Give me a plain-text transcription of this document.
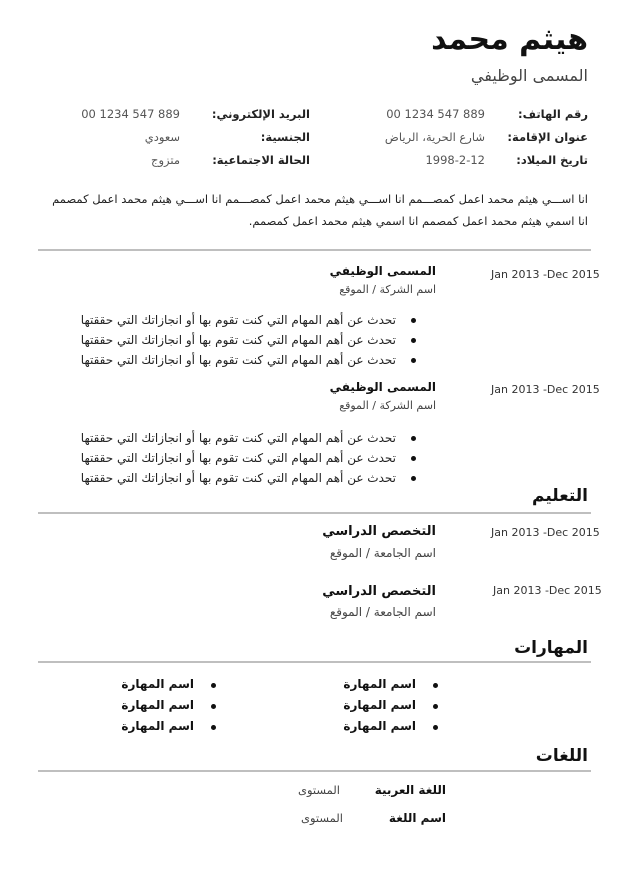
هيثم محمد
المسمى الوظيفي
رقم الهاتف:
00 1234 547 889
البريد الإلكتروني:
00 1234 547 889
عنوان الإقامة:
شارع الحرية، الرياض
الجنسية:
سعودي
تاريخ الميلاد:
1998-2-12
الحالة الاجتماعية:
متزوج
انا اســـي هيثم محمد اعمل كمصـــمم انا اســـي هيثم محمد اعمل كمصـــمم انا اســـي هيثم محمد اعمل كمصمم انا اسمي هيثم محمد اعمل كمصمم انا اسمي هيثم محمد اعمل كمصمم.
Jan 2013 -Dec 2015
المسمى الوظيفي
اسم الشركة / الموقع
تحدث عن أهم المهام التي كنت تقوم بها أو انجازاتك التي حققتها
تحدث عن أهم المهام التي كنت تقوم بها أو انجازاتك التي حققتها
تحدث عن أهم المهام التي كنت تقوم بها أو انجازاتك التي حققتها
Jan 2013 -Dec 2015
المسمى الوظيفي
اسم الشركة / الموقع
تحدث عن أهم المهام التي كنت تقوم بها أو انجازاتك التي حققتها
تحدث عن أهم المهام التي كنت تقوم بها أو انجازاتك التي حققتها
تحدث عن أهم المهام التي كنت تقوم بها أو انجازاتك التي حققتها
التعليم
Jan 2013 -Dec 2015
التخصص الدراسي
اسم الجامعة / الموقع
Jan 2013 -Dec 2015
التخصص الدراسي
اسم الجامعة / الموقع
المهارات
اسم المهارة
اسم المهارة
اسم المهارة
اسم المهارة
اسم المهارة
اسم المهارة
اللغات
اللغة العربية
المستوى
اسم اللغة
المستوى
